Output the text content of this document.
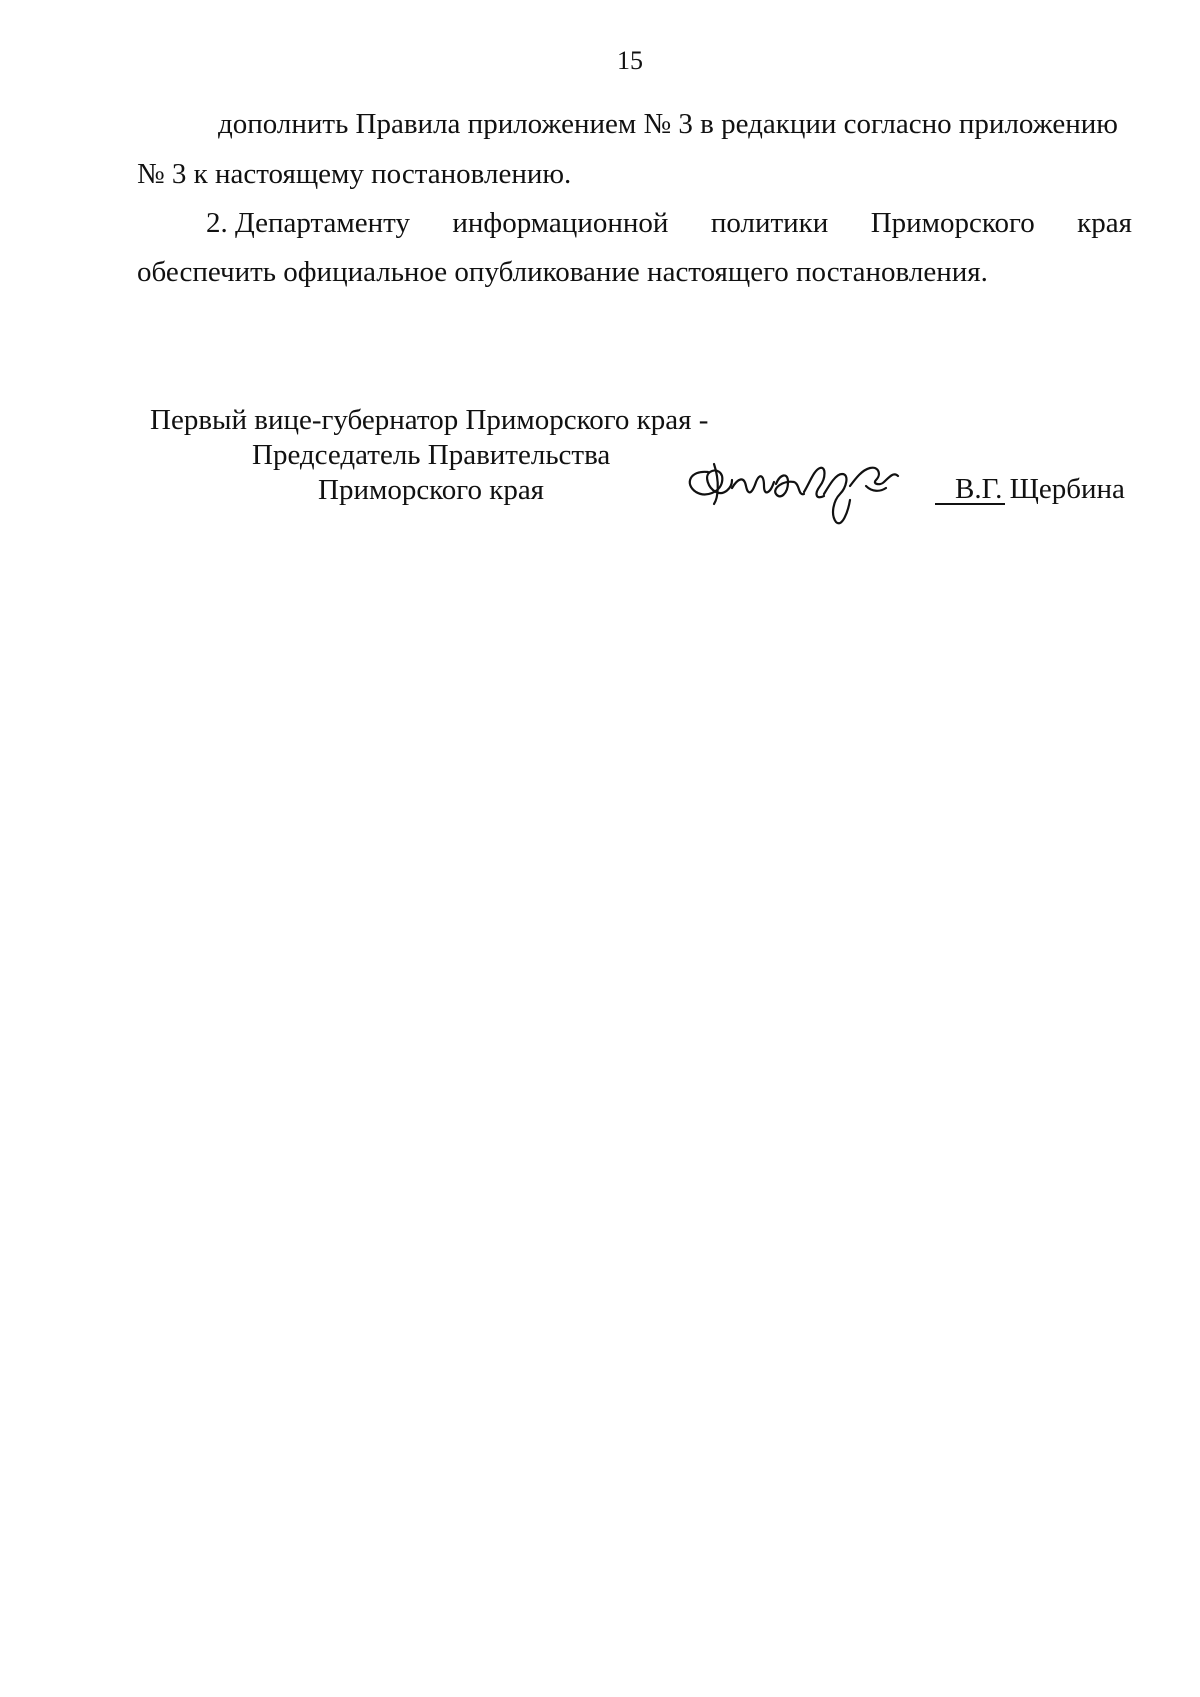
15
дополнить Правила приложением № 3 в редакции согласно приложению
№ 3 к настоящему постановлению.
2. Департаменту информационной политики Приморского края
обеспечить официальное опубликование настоящего постановления.
Первый вице-губернатор Приморского края -
Председатель Правительства
Приморского края	В.Г. Щербина
